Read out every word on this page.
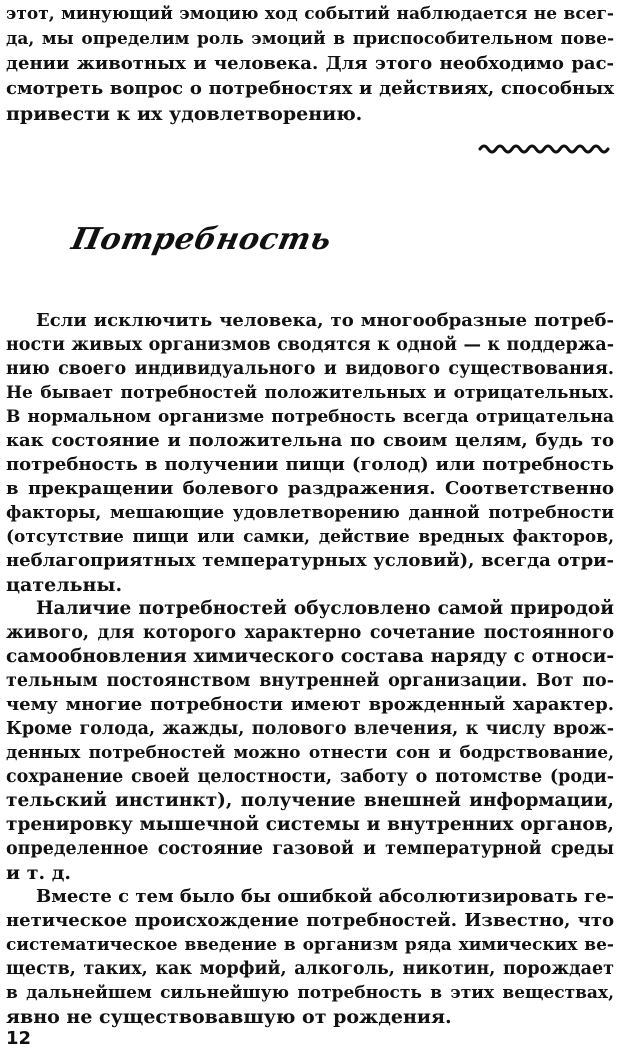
этот, минующий эмоцию ход событий наблюдается не всег-
да, мы определим роль эмоций в приспособительном пове-
дении животных и человека. Для этого необходимо рас-
смотреть вопрос о потребностях и действиях, способных
привести к их удовлетворению.
Потребность
Если исключить человека, то многообразные потреб-
ности живых организмов сводятся к одной — к поддержа-
нию своего индивидуального и видового существования.
Не бывает потребностей положительных и отрицательных.
В нормальном организме потребность всегда отрицательна
как состояние и положительна по своим целям, будь то
потребность в получении пищи (голод) или потребность
в прекращении болевого раздражения. Соответственно
факторы, мешающие удовлетворению данной потребности
(отсутствие пищи или самки, действие вредных факторов,
неблагоприятных температурных условий), всегда отри-
цательны.
Наличие потребностей обусловлено самой природой
живого, для которого характерно сочетание постоянного
самообновления химического состава наряду с относи-
тельным постоянством внутренней организации. Вот по-
чему многие потребности имеют врожденный характер.
Кроме голода, жажды, полового влечения, к числу врож-
денных потребностей можно отнести сон и бодрствование,
сохранение своей целостности, заботу о потомстве (роди-
тельский инстинкт), получение внешней информации,
тренировку мышечной системы и внутренних органов,
определенное состояние газовой и температурной среды
и т. д.
Вместе с тем было бы ошибкой абсолютизировать ге-
нетическое происхождение потребностей. Известно, что
систематическое введение в организм ряда химических ве-
ществ, таких, как морфий, алкоголь, никотин, порождает
в дальнейшем сильнейшую потребность в этих веществах,
явно не существовавшую от рождения.
12
